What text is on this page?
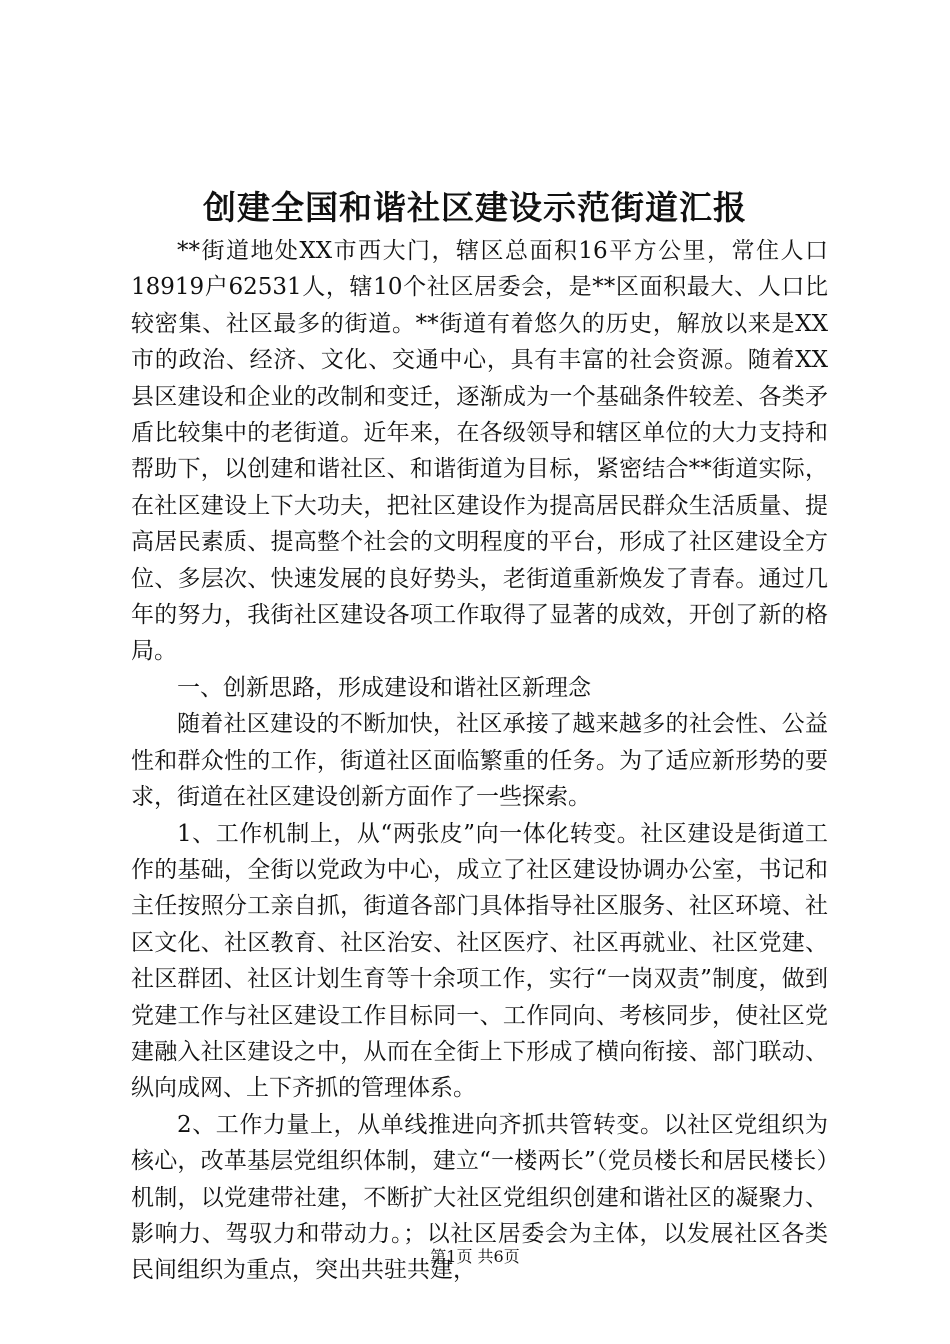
创建全国和谐社区建设示范街道汇报

**街道地处XX市西大门，辖区总面积16平方公里，常住人口18919户62531人，辖10个社区居委会，是**区面积最大、人口比较密集、社区最多的街道。**街道有着悠久的历史，解放以来是XX市的政治、经济、文化、交通中心，具有丰富的社会资源。随着XX县区建设和企业的改制和变迁，逐渐成为一个基础条件较差、各类矛盾比较集中的老街道。近年来，在各级领导和辖区单位的大力支持和帮助下，以创建和谐社区、和谐街道为目标，紧密结合**街道实际，在社区建设上下大功夫，把社区建设作为提高居民群众生活质量、提高居民素质、提高整个社会的文明程度的平台，形成了社区建设全方位、多层次、快速发展的良好势头，老街道重新焕发了青春。通过几年的努力，我街社区建设各项工作取得了显著的成效，开创了新的格局。

一、创新思路，形成建设和谐社区新理念

随着社区建设的不断加快，社区承接了越来越多的社会性、公益性和群众性的工作，街道社区面临繁重的任务。为了适应新形势的要求，街道在社区建设创新方面作了一些探索。

1、工作机制上，从“两张皮”向一体化转变。社区建设是街道工作的基础，全街以党政为中心，成立了社区建设协调办公室，书记和主任按照分工亲自抓，街道各部门具体指导社区服务、社区环境、社区文化、社区教育、社区治安、社区医疗、社区再就业、社区党建、社区群团、社区计划生育等十余项工作，实行“一岗双责”制度，做到党建工作与社区建设工作目标同一、工作同向、考核同步，使社区党建融入社区建设之中，从而在全街上下形成了横向衔接、部门联动、纵向成网、上下齐抓的管理体系。

2、工作力量上，从单线推进向齐抓共管转变。以社区党组织为核心，改革基层党组织体制，建立“一楼两长”（党员楼长和居民楼长）机制，以党建带社建，不断扩大社区党组织创建和谐社区的凝聚力、影响力、驾驭力和带动力。；以社区居委会为主体，以发展社区各类民间组织为重点，突出共驻共建，

第1页 共6页
